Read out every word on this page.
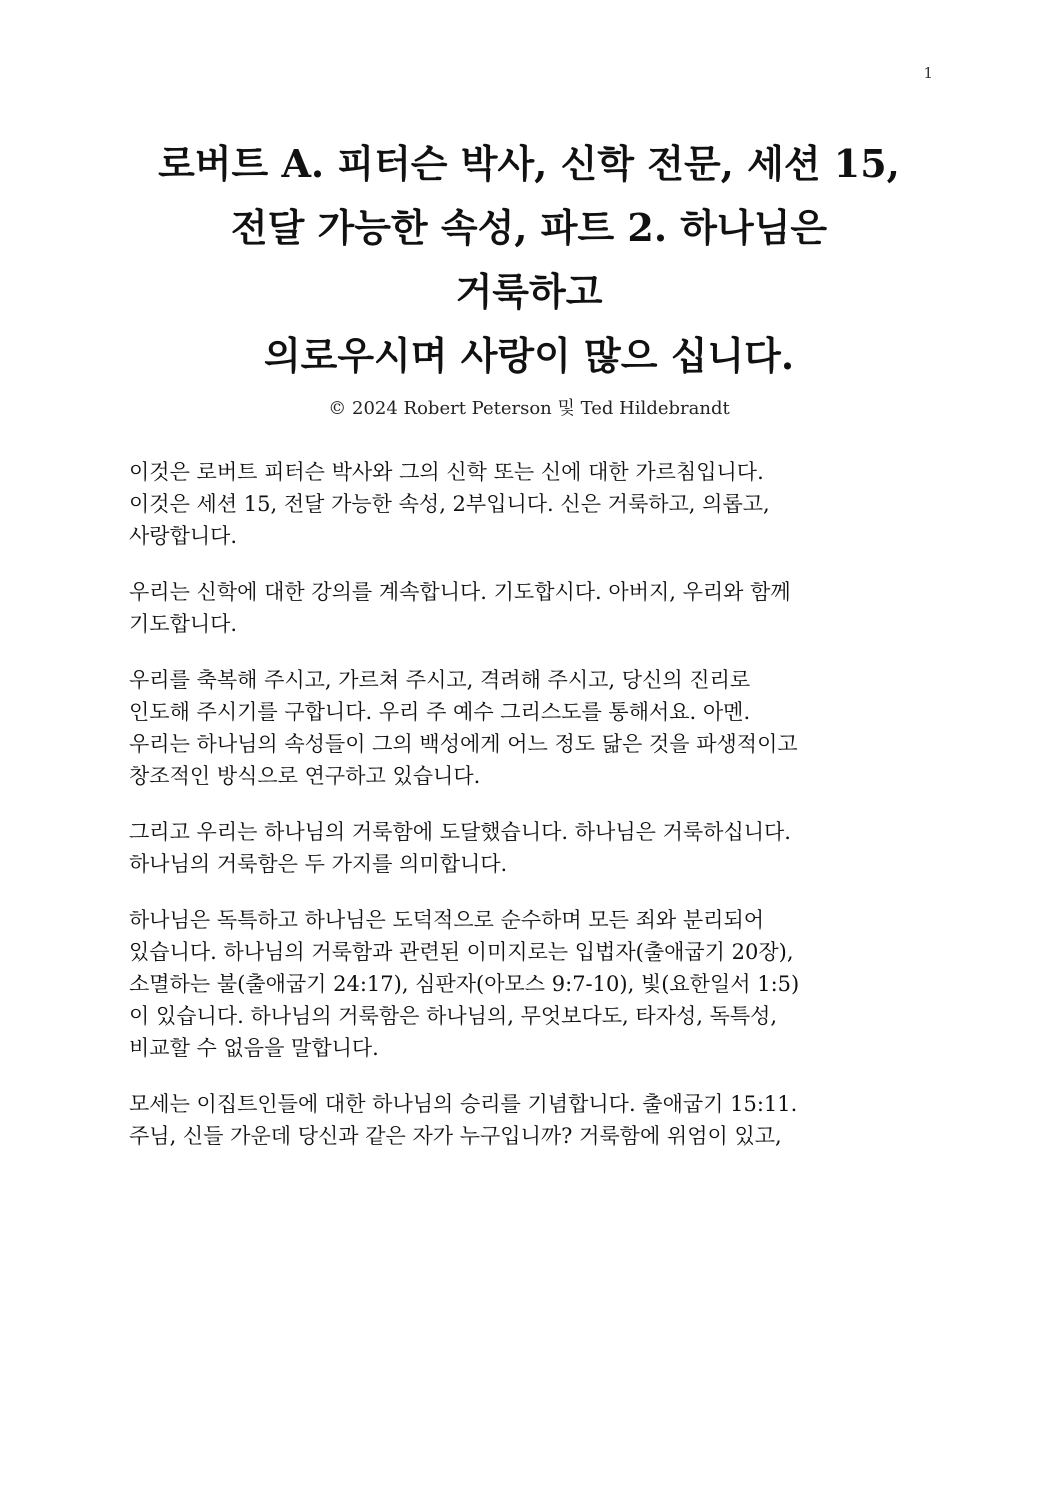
1
로버트 A. 피터슨 박사, 신학 전문, 세션 15,
전달 가능한 속성, 파트 2. 하나님은
거룩하고
의로우시며 사랑이 많으 십니다.
© 2024 Robert Peterson 및 Ted Hildebrandt

이것은 로버트 피터슨 박사와 그의 신학 또는 신에 대한 가르침입니다.
이것은 세션 15, 전달 가능한 속성, 2부입니다. 신은 거룩하고, 의롭고,
사랑합니다.

우리는 신학에 대한 강의를 계속합니다. 기도합시다. 아버지, 우리와 함께
기도합니다.

우리를 축복해 주시고, 가르쳐 주시고, 격려해 주시고, 당신의 진리로
인도해 주시기를 구합니다. 우리 주 예수 그리스도를 통해서요. 아멘.
우리는 하나님의 속성들이 그의 백성에게 어느 정도 닮은 것을 파생적이고
창조적인 방식으로 연구하고 있습니다.

그리고 우리는 하나님의 거룩함에 도달했습니다. 하나님은 거룩하십니다.
하나님의 거룩함은 두 가지를 의미합니다.

하나님은 독특하고 하나님은 도덕적으로 순수하며 모든 죄와 분리되어
있습니다. 하나님의 거룩함과 관련된 이미지로는 입법자(출애굽기 20장),
소멸하는 불(출애굽기 24:17), 심판자(아모스 9:7-10), 빛(요한일서 1:5)
이 있습니다. 하나님의 거룩함은 하나님의, 무엇보다도, 타자성, 독특성,
비교할 수 없음을 말합니다.

모세는 이집트인들에 대한 하나님의 승리를 기념합니다. 출애굽기 15:11.
주님, 신들 가운데 당신과 같은 자가 누구입니까? 거룩함에 위엄이 있고,
